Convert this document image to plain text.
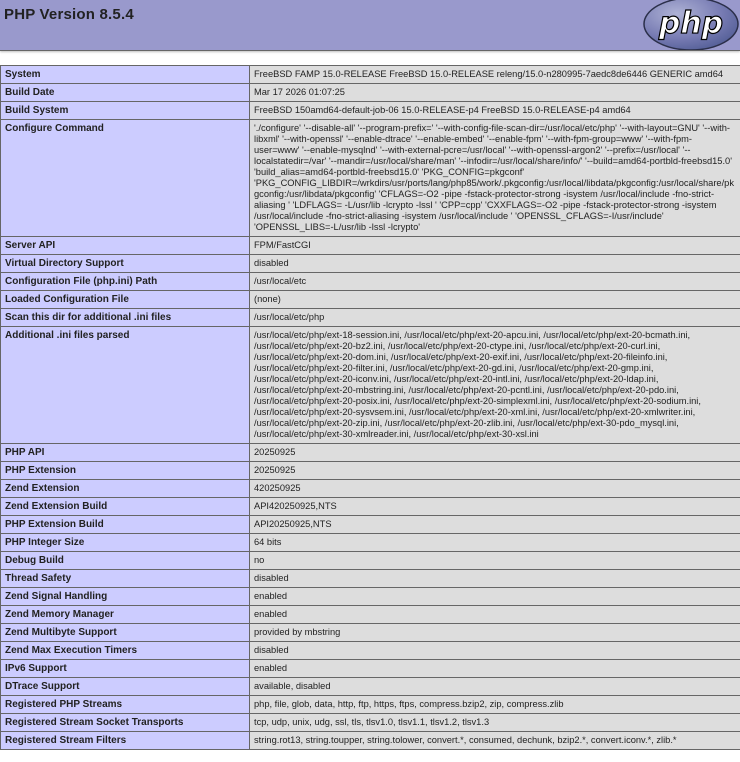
PHP Version 8.5.4	php
System	FreeBSD FAMP 15.0-RELEASE FreeBSD 15.0-RELEASE releng/15.0-n280995-7aedc8de6446 GENERIC amd64
Build Date	Mar 17 2026 01:07:25
Build System	FreeBSD 150amd64-default-job-06 15.0-RELEASE-p4 FreeBSD 15.0-RELEASE-p4 amd64
Configure Command	'./configure' '--disable-all' '--program-prefix=' '--with-config-file-scan-dir=/usr/local/etc/php' '--with-layout=GNU' '--with-libxml' '--with-openssl' '--enable-dtrace' '--enable-embed' '--enable-fpm' '--with-fpm-group=www' '--with-fpm-user=www' '--enable-mysqlnd' '--with-external-pcre=/usr/local' '--with-openssl-argon2' '--prefix=/usr/local' '--localstatedir=/var' '--mandir=/usr/local/share/man' '--infodir=/usr/local/share/info/' '--build=amd64-portbld-freebsd15.0' 'build_alias=amd64-portbld-freebsd15.0' 'PKG_CONFIG=pkgconf' 'PKG_CONFIG_LIBDIR=/wrkdirs/usr/ports/lang/php85/work/.pkgconfig:/usr/local/libdata/pkgconfig:/usr/local/share/pkgconfig:/usr/libdata/pkgconfig' 'CFLAGS=-O2 -pipe -fstack-protector-strong -isystem /usr/local/include -fno-strict-aliasing ' 'LDFLAGS= -L/usr/lib -lcrypto -lssl ' 'CPP=cpp' 'CXXFLAGS=-O2 -pipe -fstack-protector-strong -isystem /usr/local/include -fno-strict-aliasing -isystem /usr/local/include ' 'OPENSSL_CFLAGS=-I/usr/include' 'OPENSSL_LIBS=-L/usr/lib -lssl -lcrypto'
Server API	FPM/FastCGI
Virtual Directory Support	disabled
Configuration File (php.ini) Path	/usr/local/etc
Loaded Configuration File	(none)
Scan this dir for additional .ini files	/usr/local/etc/php
Additional .ini files parsed	/usr/local/etc/php/ext-18-session.ini, /usr/local/etc/php/ext-20-apcu.ini, /usr/local/etc/php/ext-20-bcmath.ini, /usr/local/etc/php/ext-20-bz2.ini, /usr/local/etc/php/ext-20-ctype.ini, /usr/local/etc/php/ext-20-curl.ini, /usr/local/etc/php/ext-20-dom.ini, /usr/local/etc/php/ext-20-exif.ini, /usr/local/etc/php/ext-20-fileinfo.ini, /usr/local/etc/php/ext-20-filter.ini, /usr/local/etc/php/ext-20-gd.ini, /usr/local/etc/php/ext-20-gmp.ini, /usr/local/etc/php/ext-20-iconv.ini, /usr/local/etc/php/ext-20-intl.ini, /usr/local/etc/php/ext-20-ldap.ini, /usr/local/etc/php/ext-20-mbstring.ini, /usr/local/etc/php/ext-20-pcntl.ini, /usr/local/etc/php/ext-20-pdo.ini, /usr/local/etc/php/ext-20-posix.ini, /usr/local/etc/php/ext-20-simplexml.ini, /usr/local/etc/php/ext-20-sodium.ini, /usr/local/etc/php/ext-20-sysvsem.ini, /usr/local/etc/php/ext-20-xml.ini, /usr/local/etc/php/ext-20-xmlwriter.ini, /usr/local/etc/php/ext-20-zip.ini, /usr/local/etc/php/ext-20-zlib.ini, /usr/local/etc/php/ext-30-pdo_mysql.ini, /usr/local/etc/php/ext-30-xmlreader.ini, /usr/local/etc/php/ext-30-xsl.ini
PHP API	20250925
PHP Extension	20250925
Zend Extension	420250925
Zend Extension Build	API420250925,NTS
PHP Extension Build	API20250925,NTS
PHP Integer Size	64 bits
Debug Build	no
Thread Safety	disabled
Zend Signal Handling	enabled
Zend Memory Manager	enabled
Zend Multibyte Support	provided by mbstring
Zend Max Execution Timers	disabled
IPv6 Support	enabled
DTrace Support	available, disabled
Registered PHP Streams	php, file, glob, data, http, ftp, https, ftps, compress.bzip2, zip, compress.zlib
Registered Stream Socket Transports	tcp, udp, unix, udg, ssl, tls, tlsv1.0, tlsv1.1, tlsv1.2, tlsv1.3
Registered Stream Filters	string.rot13, string.toupper, string.tolower, convert.*, consumed, dechunk, bzip2.*, convert.iconv.*, zlib.*
